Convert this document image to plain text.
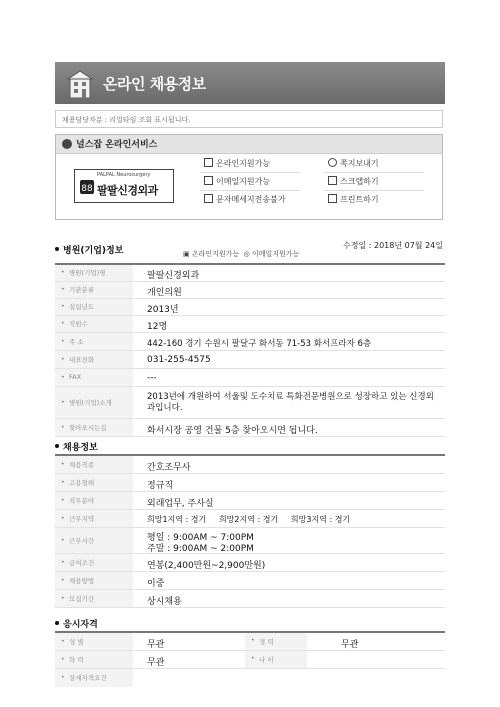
온라인 채용정보
채용담당자분 : 리얼타임 조회 표시됩니다.
널스잡 온라인서비스
88
PALPAL Neurosurgery
팔팔신경외과
온라인지원가능
이메일지원가능
문자메세지전송불가
쪽지보내기
스크랩하기
프린트하기
병원(기업)정보	▣ 온라인지원가능 ◎ 이메일지원가능
수정일 : 2018년 07월 24일
• 병원(기업)명	팔팔신경외과
• 기관분류	개인의원
• 설립년도	2013년
• 직원수	12명
• 주 소	442-160 경기 수원시 팔달구 화서동 71-53 화서프라자 6층
• 대표전화	031-255-4575
• FAX	---
• 병원(기업)소개
2013년에 개원하여 서울및 도수치료 특화전문병원으로 성장하고 있는 신경외과입니다.
• 찾아오시는길	화서시장 공영 건물 5층 찾아오시면 됩니다.
채용정보
• 채용직종	간호조무사
• 고용형태	정규직
• 직무분야	외래업무, 주사실
• 근무지역	희망1지역 : 경기     희망2지역 : 경기     희망3지역 : 경기
• 근무시간	평일 : 9:00AM ~ 7:00PM
주말 : 9:00AM ~ 2:00PM
• 급여조건	연봉(2,400만원~2,900만원)
• 채용방법	이중
• 모집기간	상시채용
응시자격
• 성 별	무관	• 경 력	무관
• 학 력	무관	• 나 이
• 상세자격요건
